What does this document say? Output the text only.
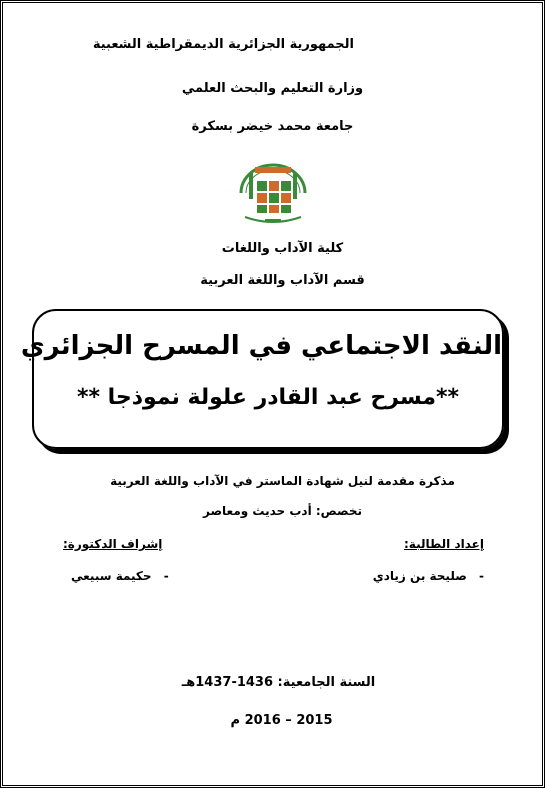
الجمهورية الجزائرية الديمقراطية الشعبية
وزارة التعليم والبحث العلمي
جامعة محمد خيضر بسكرة
كلية الآداب واللغات
قسم الآداب واللغة العربية
النقد الاجتماعي في المسرح الجزائري
**مسرح عبد القادر علولة نموذجا **
مذكرة مقدمة لنيل شهادة الماستر في الآداب واللغة العربية
تخصص: أدب حديث ومعاصر
إعداد الطالبة:
إشراف الدكتورة:
- صليحة بن زيادي
- حكيمة سبيعي
السنة الجامعية: 1436-1437هـ
2015 – 2016 م
